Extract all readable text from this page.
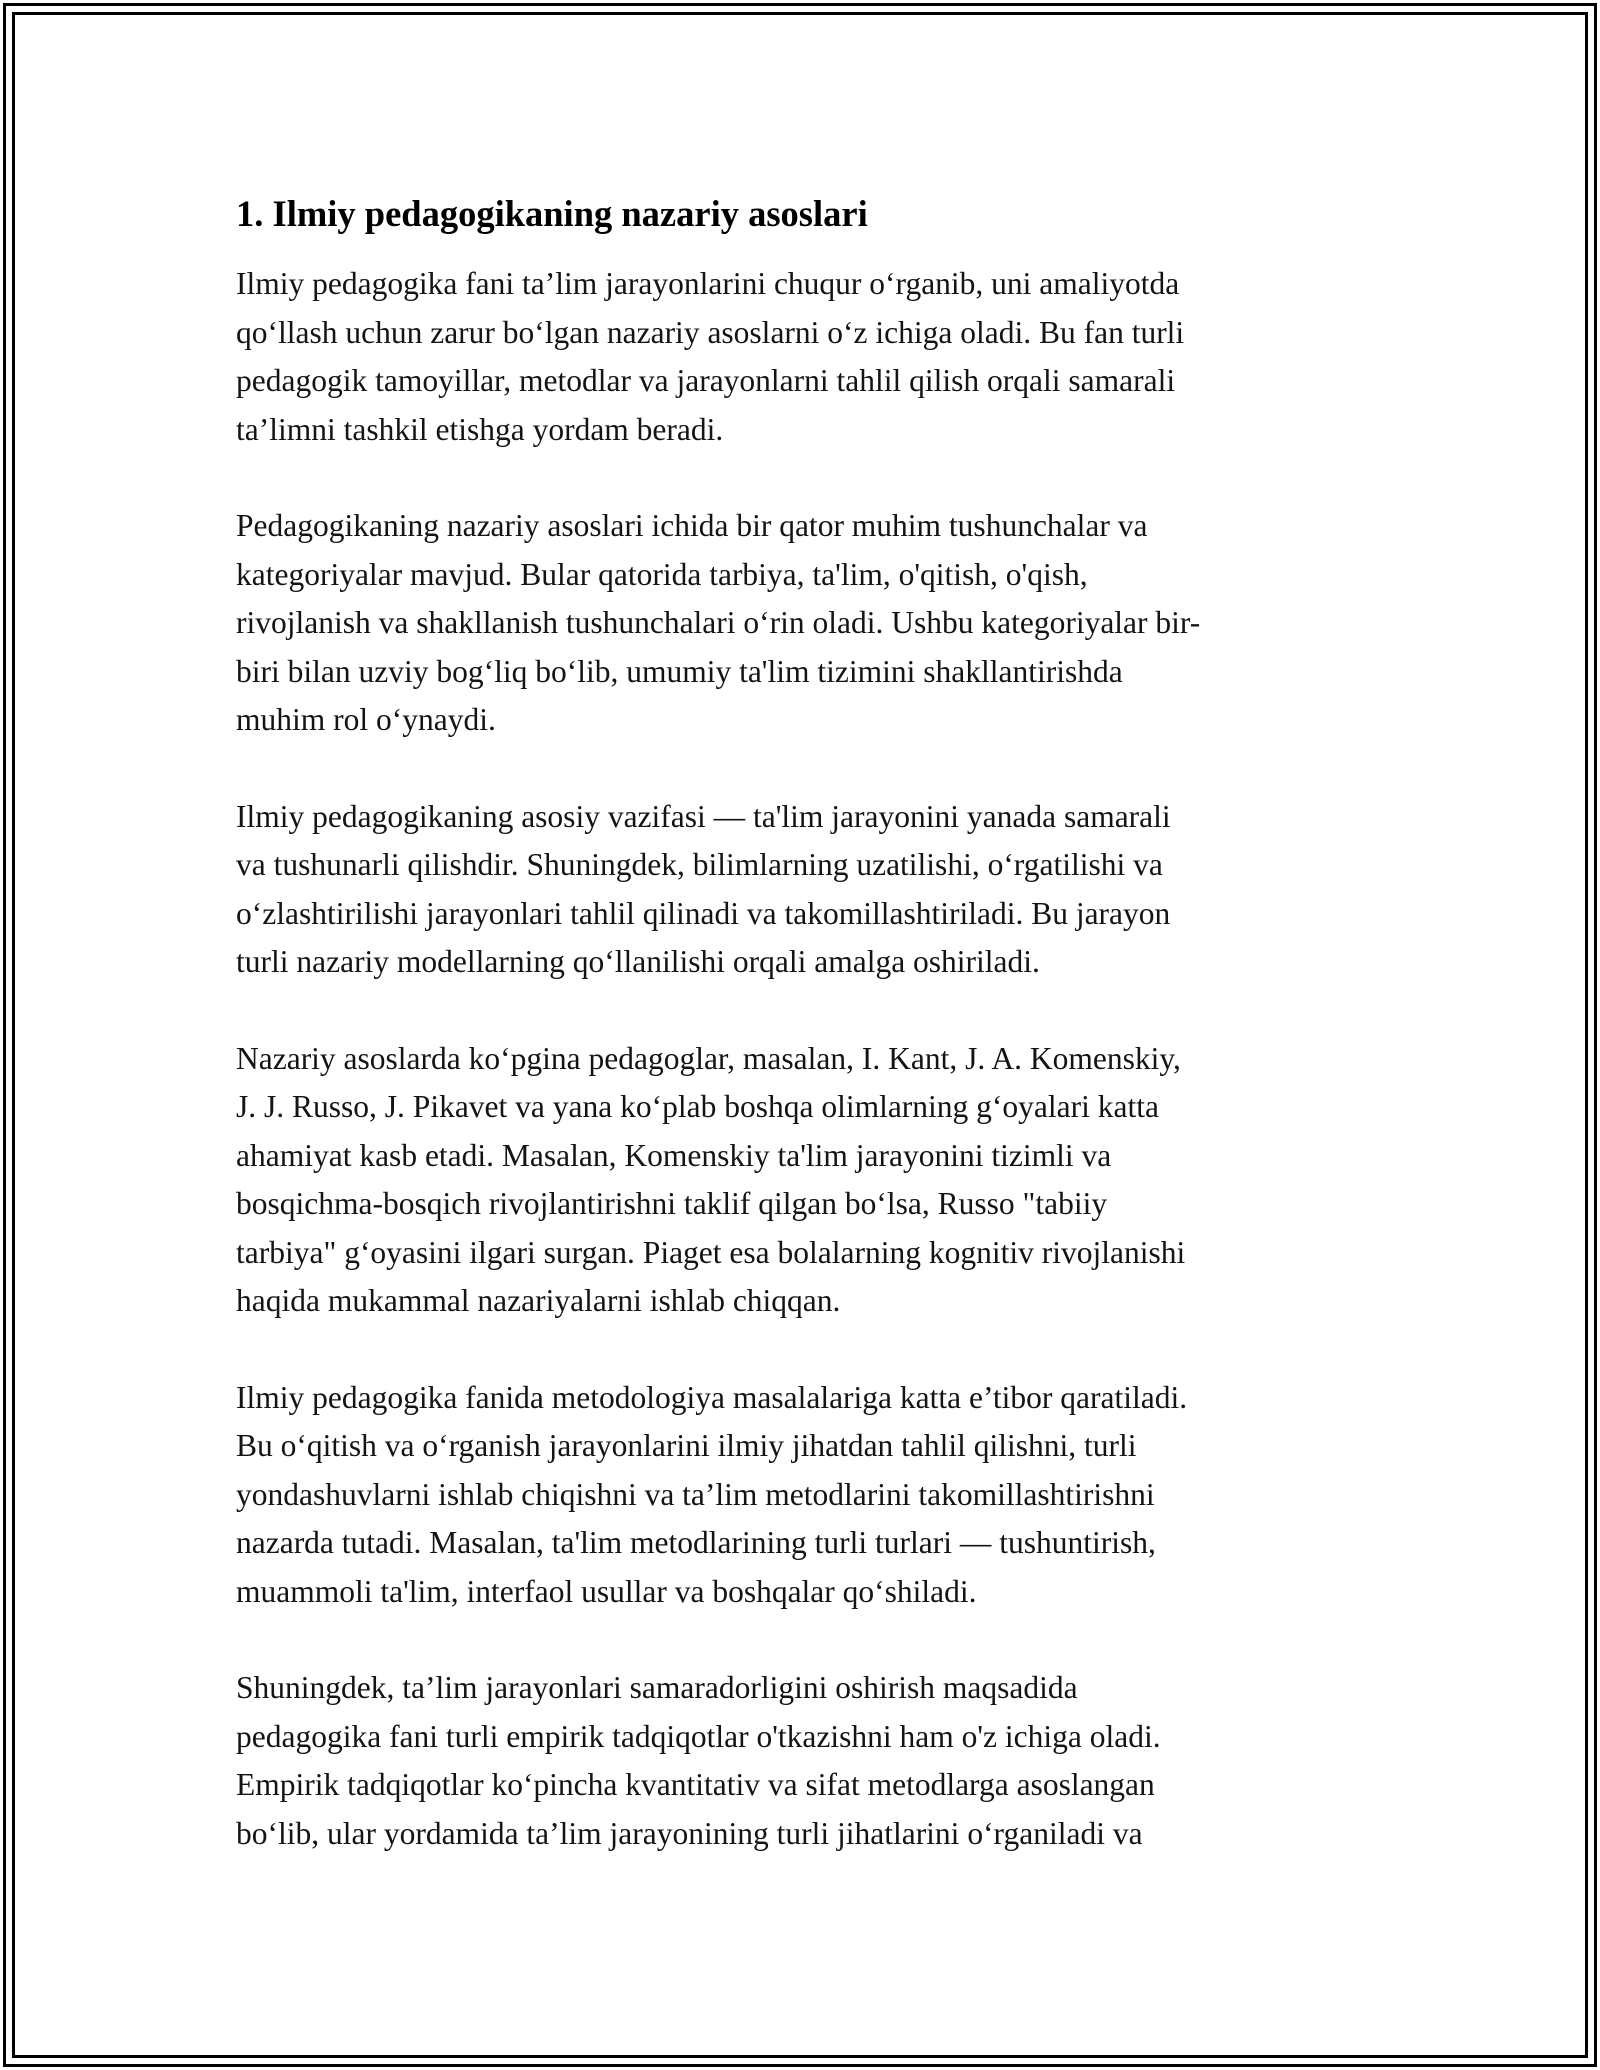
1. Ilmiy pedagogikaning nazariy asoslari

Ilmiy pedagogika fani ta’lim jarayonlarini chuqur o‘rganib, uni amaliyotda
qo‘llash uchun zarur bo‘lgan nazariy asoslarni o‘z ichiga oladi. Bu fan turli
pedagogik tamoyillar, metodlar va jarayonlarni tahlil qilish orqali samarali
ta’limni tashkil etishga yordam beradi.

Pedagogikaning nazariy asoslari ichida bir qator muhim tushunchalar va
kategoriyalar mavjud. Bular qatorida tarbiya, ta'lim, o'qitish, o'qish,
rivojlanish va shakllanish tushunchalari o‘rin oladi. Ushbu kategoriyalar bir-
biri bilan uzviy bog‘liq bo‘lib, umumiy ta'lim tizimini shakllantirishda
muhim rol o‘ynaydi.

Ilmiy pedagogikaning asosiy vazifasi — ta'lim jarayonini yanada samarali
va tushunarli qilishdir. Shuningdek, bilimlarning uzatilishi, o‘rgatilishi va
o‘zlashtirilishi jarayonlari tahlil qilinadi va takomillashtiriladi. Bu jarayon
turli nazariy modellarning qo‘llanilishi orqali amalga oshiriladi.

Nazariy asoslarda ko‘pgina pedagoglar, masalan, I. Kant, J. A. Komenskiy,
J. J. Russo, J. Pikavet va yana ko‘plab boshqa olimlarning g‘oyalari katta
ahamiyat kasb etadi. Masalan, Komenskiy ta'lim jarayonini tizimli va
bosqichma-bosqich rivojlantirishni taklif qilgan bo‘lsa, Russo "tabiiy
tarbiya" g‘oyasini ilgari surgan. Piaget esa bolalarning kognitiv rivojlanishi
haqida mukammal nazariyalarni ishlab chiqqan.

Ilmiy pedagogika fanida metodologiya masalalariga katta e’tibor qaratiladi.
Bu o‘qitish va o‘rganish jarayonlarini ilmiy jihatdan tahlil qilishni, turli
yondashuvlarni ishlab chiqishni va ta’lim metodlarini takomillashtirishni
nazarda tutadi. Masalan, ta'lim metodlarining turli turlari — tushuntirish,
muammoli ta'lim, interfaol usullar va boshqalar qo‘shiladi.

Shuningdek, ta’lim jarayonlari samaradorligini oshirish maqsadida
pedagogika fani turli empirik tadqiqotlar o'tkazishni ham o'z ichiga oladi.
Empirik tadqiqotlar ko‘pincha kvantitativ va sifat metodlarga asoslangan
bo‘lib, ular yordamida ta’lim jarayonining turli jihatlarini o‘rganiladi va
